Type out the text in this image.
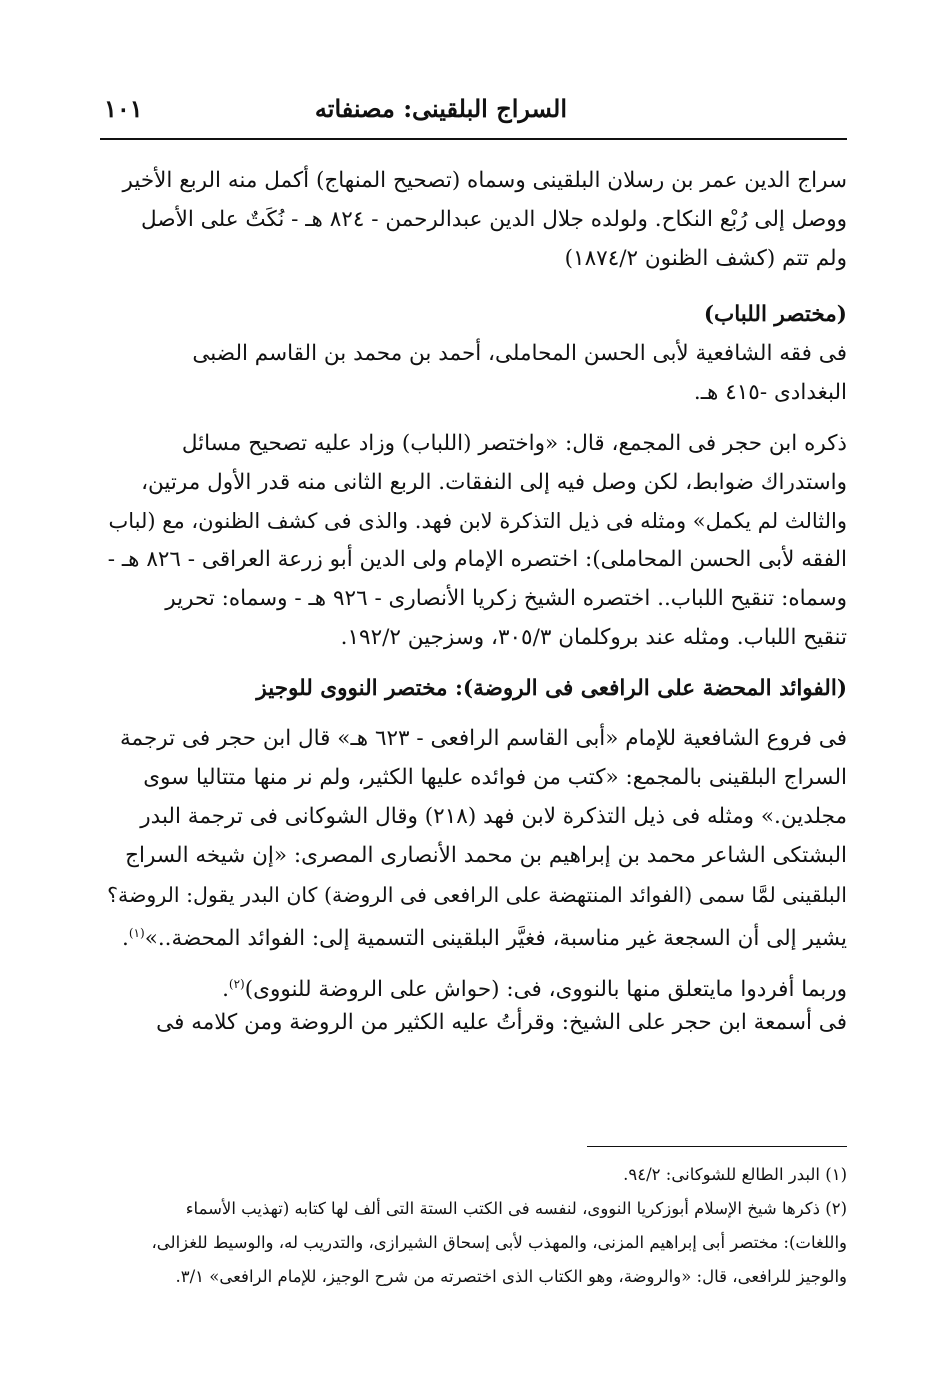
السراج البلقينى: مصنفاته
١٠١
سراج الدين عمر بن رسلان البلقينى وسماه (تصحيح المنهاج) أكمل منه الربع الأخير
ووصل إلى رُبْع النكاح. ولولده جلال الدين عبدالرحمن - ٨٢٤ هـ - نُكَتٌ على الأصل
ولم تتم (كشف الظنون ١٨٧٤/٢)
(مختصر اللباب)
فى فقه الشافعية لأبى الحسن المحاملى، أحمد بن محمد بن القاسم الضبى
البغدادى -٤١٥ هـ.
ذكره ابن حجر فى المجمع، قال: «واختصر (اللباب) وزاد عليه تصحيح مسائل
واستدراك ضوابط، لكن وصل فيه إلى النفقات. الربع الثانى منه قدر الأول مرتين،
والثالث لم يكمل» ومثله فى ذيل التذكرة لابن فهد. والذى فى كشف الظنون، مع (لباب
الفقه لأبى الحسن المحاملى): اختصره الإمام ولى الدين أبو زرعة العراقى - ٨٢٦ هـ -
وسماه: تنقيح اللباب.. اختصره الشيخ زكريا الأنصارى - ٩٢٦ هـ - وسماه: تحرير
تنقيح اللباب. ومثله عند بروكلمان ٣٠٥/٣، وسزجين ١٩٢/٢.
(الفوائد المحضة على الرافعى فى الروضة): مختصر النووى للوجيز
فى فروع الشافعية للإمام «أبى القاسم الرافعى - ٦٢٣ هـ» قال ابن حجر فى ترجمة
السراج البلقينى بالمجمع: «كتب من فوائده عليها الكثير، ولم نر منها متتاليا سوى
مجلدين.» ومثله فى ذيل التذكرة لابن فهد (٢١٨) وقال الشوكانى فى ترجمة البدر
البشتكى الشاعر محمد بن إبراهيم بن محمد الأنصارى المصرى: «إن شيخه السراج
البلقينى لمَّا سمى (الفوائد المنتهضة على الرافعى فى الروضة) كان البدر يقول: الروضة؟
يشير إلى أن السجعة غير مناسبة، فغيَّر البلقينى التسمية إلى: الفوائد المحضة..»$^{(١)}$.
وربما أفردوا مايتعلق منها بالنووى، فى: (حواش على الروضة للنووى)$^{(٢)}$.
فى أسمعة ابن حجر على الشيخ: وقرأتُ عليه الكثير من الروضة ومن كلامه فى
(١) البدر الطالع للشوكانى: ٩٤/٢.
(٢) ذكرها شيخ الإسلام أبوزكريا النووى، لنفسه فى الكتب الستة التى ألف لها كتابه (تهذيب الأسماء
واللغات): مختصر أبى إبراهيم المزنى، والمهذب لأبى إسحاق الشيرازى، والتدريب له، والوسيط للغزالى،
والوجيز للرافعى، قال: «والروضة، وهو الكتاب الذى اختصرته من شرح الوجيز، للإمام الرافعى» ٣/١.
